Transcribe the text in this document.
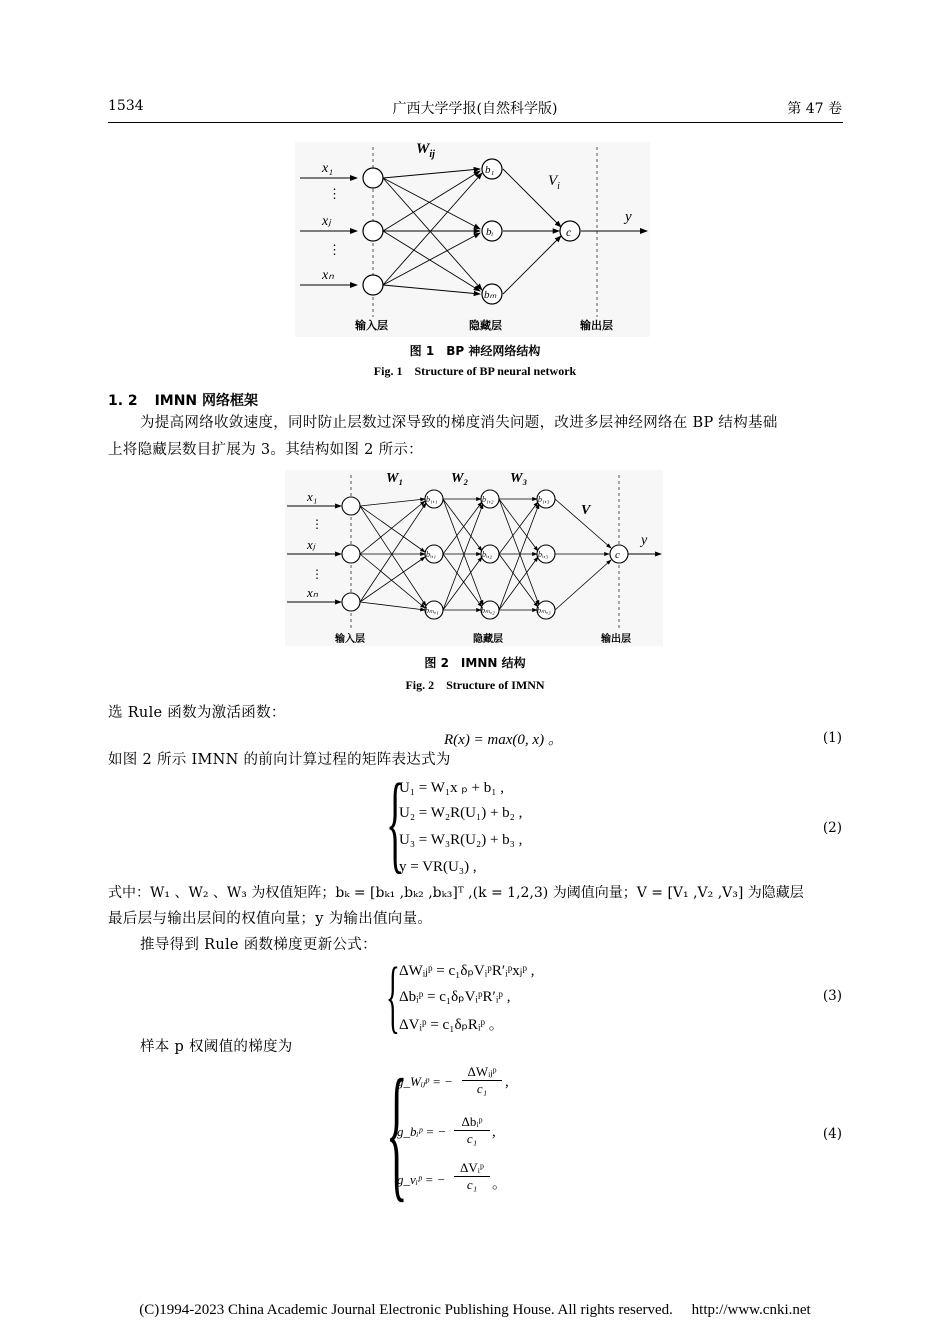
1534	广西大学学报(自然科学版)	第 47 卷
⋮
⋮
x₁
xⱼ
xₙ
$W_{ij}$
$V_i$
b₁
bᵢ
bₘ
c
y
输入层	隐藏层	输出层
图 1　BP 神经网络结构
Fig. 1　Structure of BP neural network
1. 2 IMNN 网络框架
为提高网络收敛速度，同时防止层数过深导致的梯度消失问题，改进多层神经网络在 BP 结构基础
上将隐藏层数目扩展为 3。其结构如图 2 所示：
⋮
⋮
x₁
xⱼ
xₙ
W₁	W₂	W₃
V
b₁,₁
bᵢ,₁
bₘ,₁
b₁,₂
bᵢ,₂
bₘ,₂
b₁,₃
bᵢ,₃
bₘ,₃
c
y
输入层	隐藏层	输出层
图 2　IMNN 结构
Fig. 2　Structure of IMNN
选 Rule 函数为激活函数：
R(x) = max(0, x) 。	(1)
如图 2 所示 IMNN 的前向计算过程的矩阵表达式为
{
U₁ = W₁x ₚ + b₁ ,
U₂ = W₂R(U₁) + b₂ ,
U₃ = W₃R(U₂) + b₃ ,
y = VR(U₃) ,
(2)
式中：W₁ 、W₂ 、W₃ 为权值矩阵；bₖ = [bₖ₁ ,bₖ₂ ,bₖ₃]ᵀ ,(k = 1,2,3) 为阈值向量；V = [V₁ ,V₂ ,V₃] 为隐藏层
最后层与输出层间的权值向量；y 为输出值向量。
推导得到 Rule 函数梯度更新公式：
{ ΔWᵢⱼᵖ = c₁δₚVᵢᵖR′ᵢᵖxⱼᵖ ,
Δbᵢᵖ = c₁δₚVᵢᵖR′ᵢᵖ ,
ΔVᵢᵖ = c₁δₚRᵢᵖ 。
(3)
样本 p 权阈值的梯度为
{
g_Wᵢⱼᵖ = −
ΔWᵢⱼᵖ
c₁	,
g_bᵢᵖ = −
Δbᵢᵖ
c₁ ,
g_vᵢᵖ = −
ΔVᵢᵖ
c₁ 。
(4)
(C)1994-2023 China Academic Journal Electronic Publishing House. All rights reserved.　 http://www.cnki.net
